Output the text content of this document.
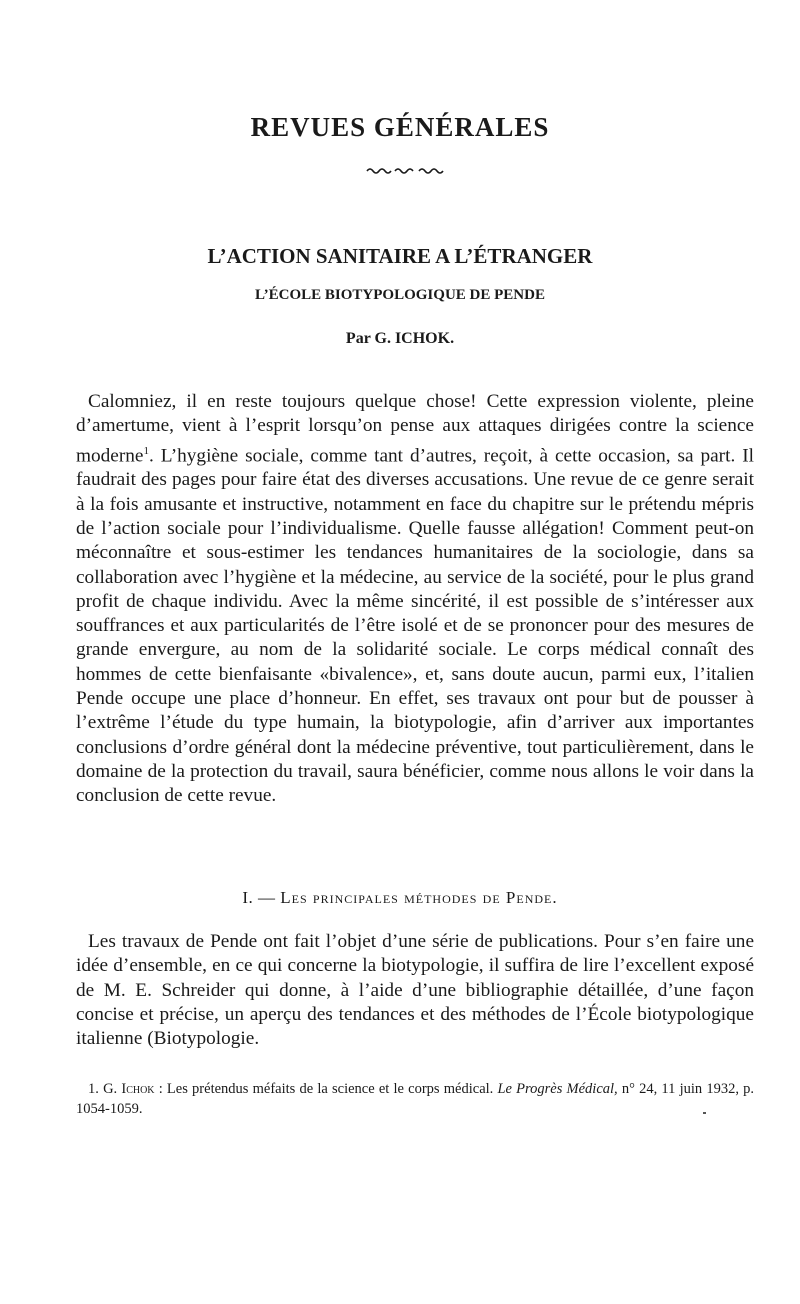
REVUES GÉNÉRALES
L’ACTION SANITAIRE A L’ÉTRANGER
L’ÉCOLE BIOTYPOLOGIQUE DE PENDE
Par G. ICHOK.

Calomniez, il en reste toujours quelque chose! Cette expression violente, pleine d’amertume, vient à l’esprit lorsqu’on pense aux attaques dirigées contre la science moderne$^1$. L’hygiène sociale, comme tant d’autres, reçoit, à cette occasion, sa part. Il faudrait des pages pour faire état des diverses accusations. Une revue de ce genre serait à la fois amusante et instructive, notamment en face du chapitre sur le prétendu mépris de l’action sociale pour l’individualisme. Quelle fausse allégation! Comment peut-on méconnaître et sous-estimer les tendances humanitaires de la sociologie, dans sa collaboration avec l’hygiène et la médecine, au service de la société, pour le plus grand profit de chaque individu. Avec la même sincérité, il est possible de s’intéresser aux souffrances et aux particularités de l’être isolé et de se prononcer pour des mesures de grande envergure, au nom de la solidarité sociale. Le corps médical connaît des hommes de cette bienfaisante «bivalence», et, sans doute aucun, parmi eux, l’italien Pende occupe une place d’honneur. En effet, ses travaux ont pour but de pousser à l’extrême l’étude du type humain, la biotypologie, afin d’arriver aux importantes conclusions d’ordre général dont la médecine préventive, tout particulièrement, dans le domaine de la protection du travail, saura bénéficier, comme nous allons le voir dans la conclusion de cette revue.

I. — Les principales méthodes de Pende.

Les travaux de Pende ont fait l’objet d’une série de publications. Pour s’en faire une idée d’ensemble, en ce qui concerne la biotypologie, il suffira de lire l’excellent exposé de M. E. Schreider qui donne, à l’aide d’une bibliographie détaillée, d’une façon concise et précise, un aperçu des tendances et des méthodes de l’École biotypologique italienne (Biotypologie.

1. G. Ichok : Les prétendus méfaits de la science et le corps médical. Le Progrès Médical, n° 24, 11 juin 1932, p. 1054-1059.
